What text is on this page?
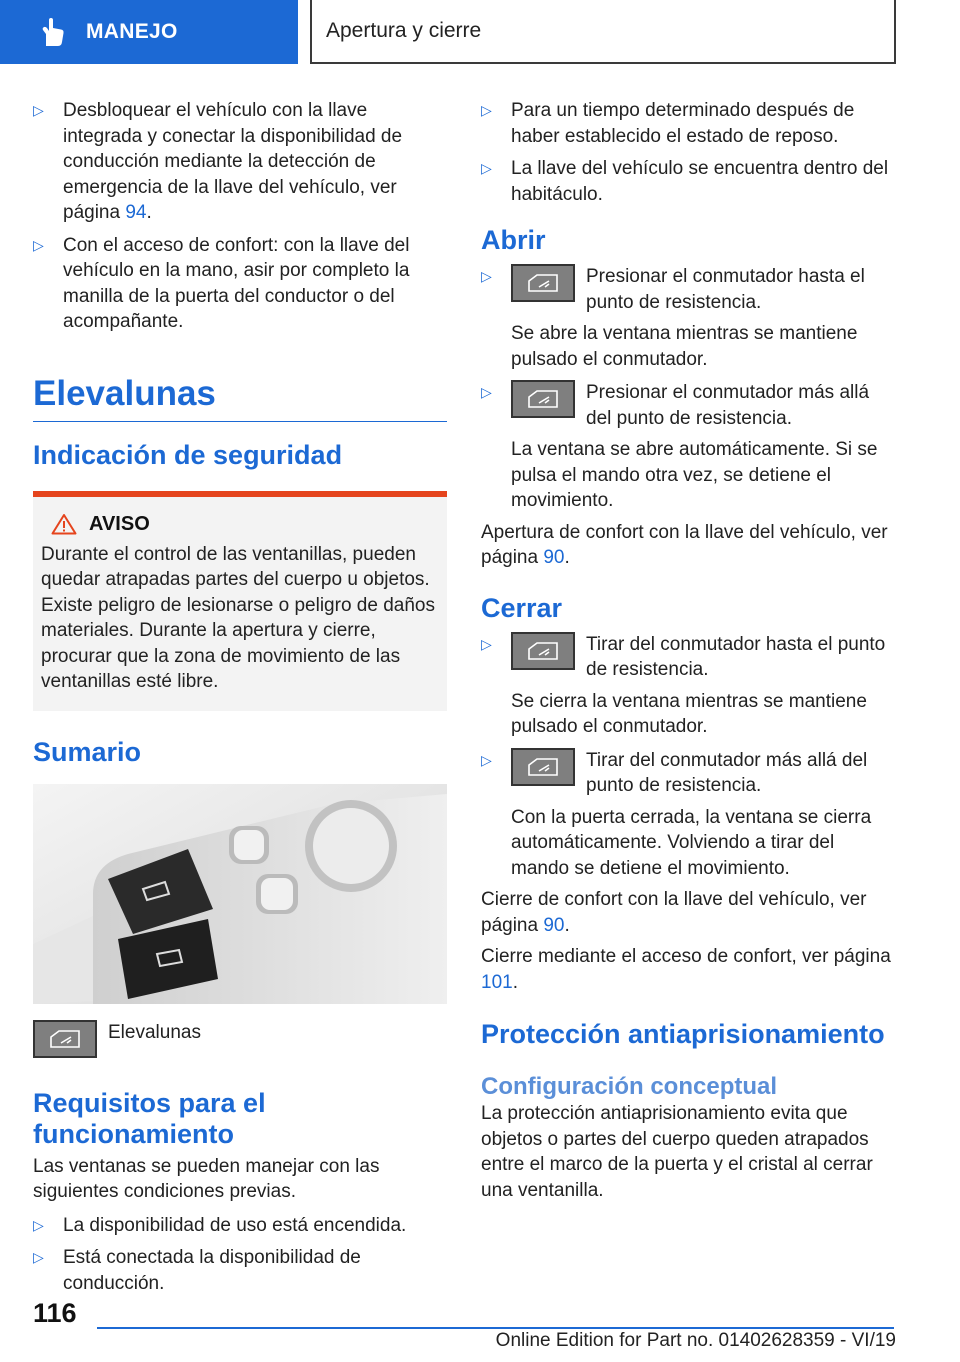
MANEJO	Apertura y cierre
▷	Desbloquear el vehículo con la llave integrada y conectar la disponibilidad de conducción mediante la detección de emergencia de la llave del vehículo, ver página 94.
▷	Con el acceso de confort: con la llave del vehículo en la mano, asir por completo la manilla de la puerta del conductor o del acompañante.
Elevalunas
Indicación de seguridad
AVISO

Durante el control de las ventanillas, pueden quedar atrapadas partes del cuerpo u objetos. Existe peligro de lesionarse o peligro de daños materiales. Durante la apertura y cierre, procurar que la zona de movimiento de las ventanillas esté libre.

Sumario
Elevalunas
Requisitos para el funcionamiento

Las ventanas se pueden manejar con las siguientes condiciones previas.

▷	La disponibilidad de uso está encendida.
▷	Está conectada la disponibilidad de conducción.
▷	Para un tiempo determinado después de haber establecido el estado de reposo.
▷	La llave del vehículo se encuentra dentro del habitáculo.
Abrir
▷	Presionar el conmutador hasta el punto de resistencia.

Se abre la ventana mientras se mantiene pulsado el conmutador.

▷	Presionar el conmutador más allá del punto de resistencia.

La ventana se abre automáticamente. Si se pulsa el mando otra vez, se detiene el movimiento.

Apertura de confort con la llave del vehículo, ver página 90.

Cerrar
▷	Tirar del conmutador hasta el punto de resistencia.

Se cierra la ventana mientras se mantiene pulsado el conmutador.

▷	Tirar del conmutador más allá del punto de resistencia.

Con la puerta cerrada, la ventana se cierra automáticamente. Volviendo a tirar del mando se detiene el movimiento.

Cierre de confort con la llave del vehículo, ver página 90.

Cierre mediante el acceso de confort, ver página 101.

Protección antiaprisionamiento
Configuración conceptual

La protección antiaprisionamiento evita que objetos o partes del cuerpo queden atrapados entre el marco de la puerta y el cristal al cerrar una ventanilla.

116
Online Edition for Part no. 01402628359 - VI/19
